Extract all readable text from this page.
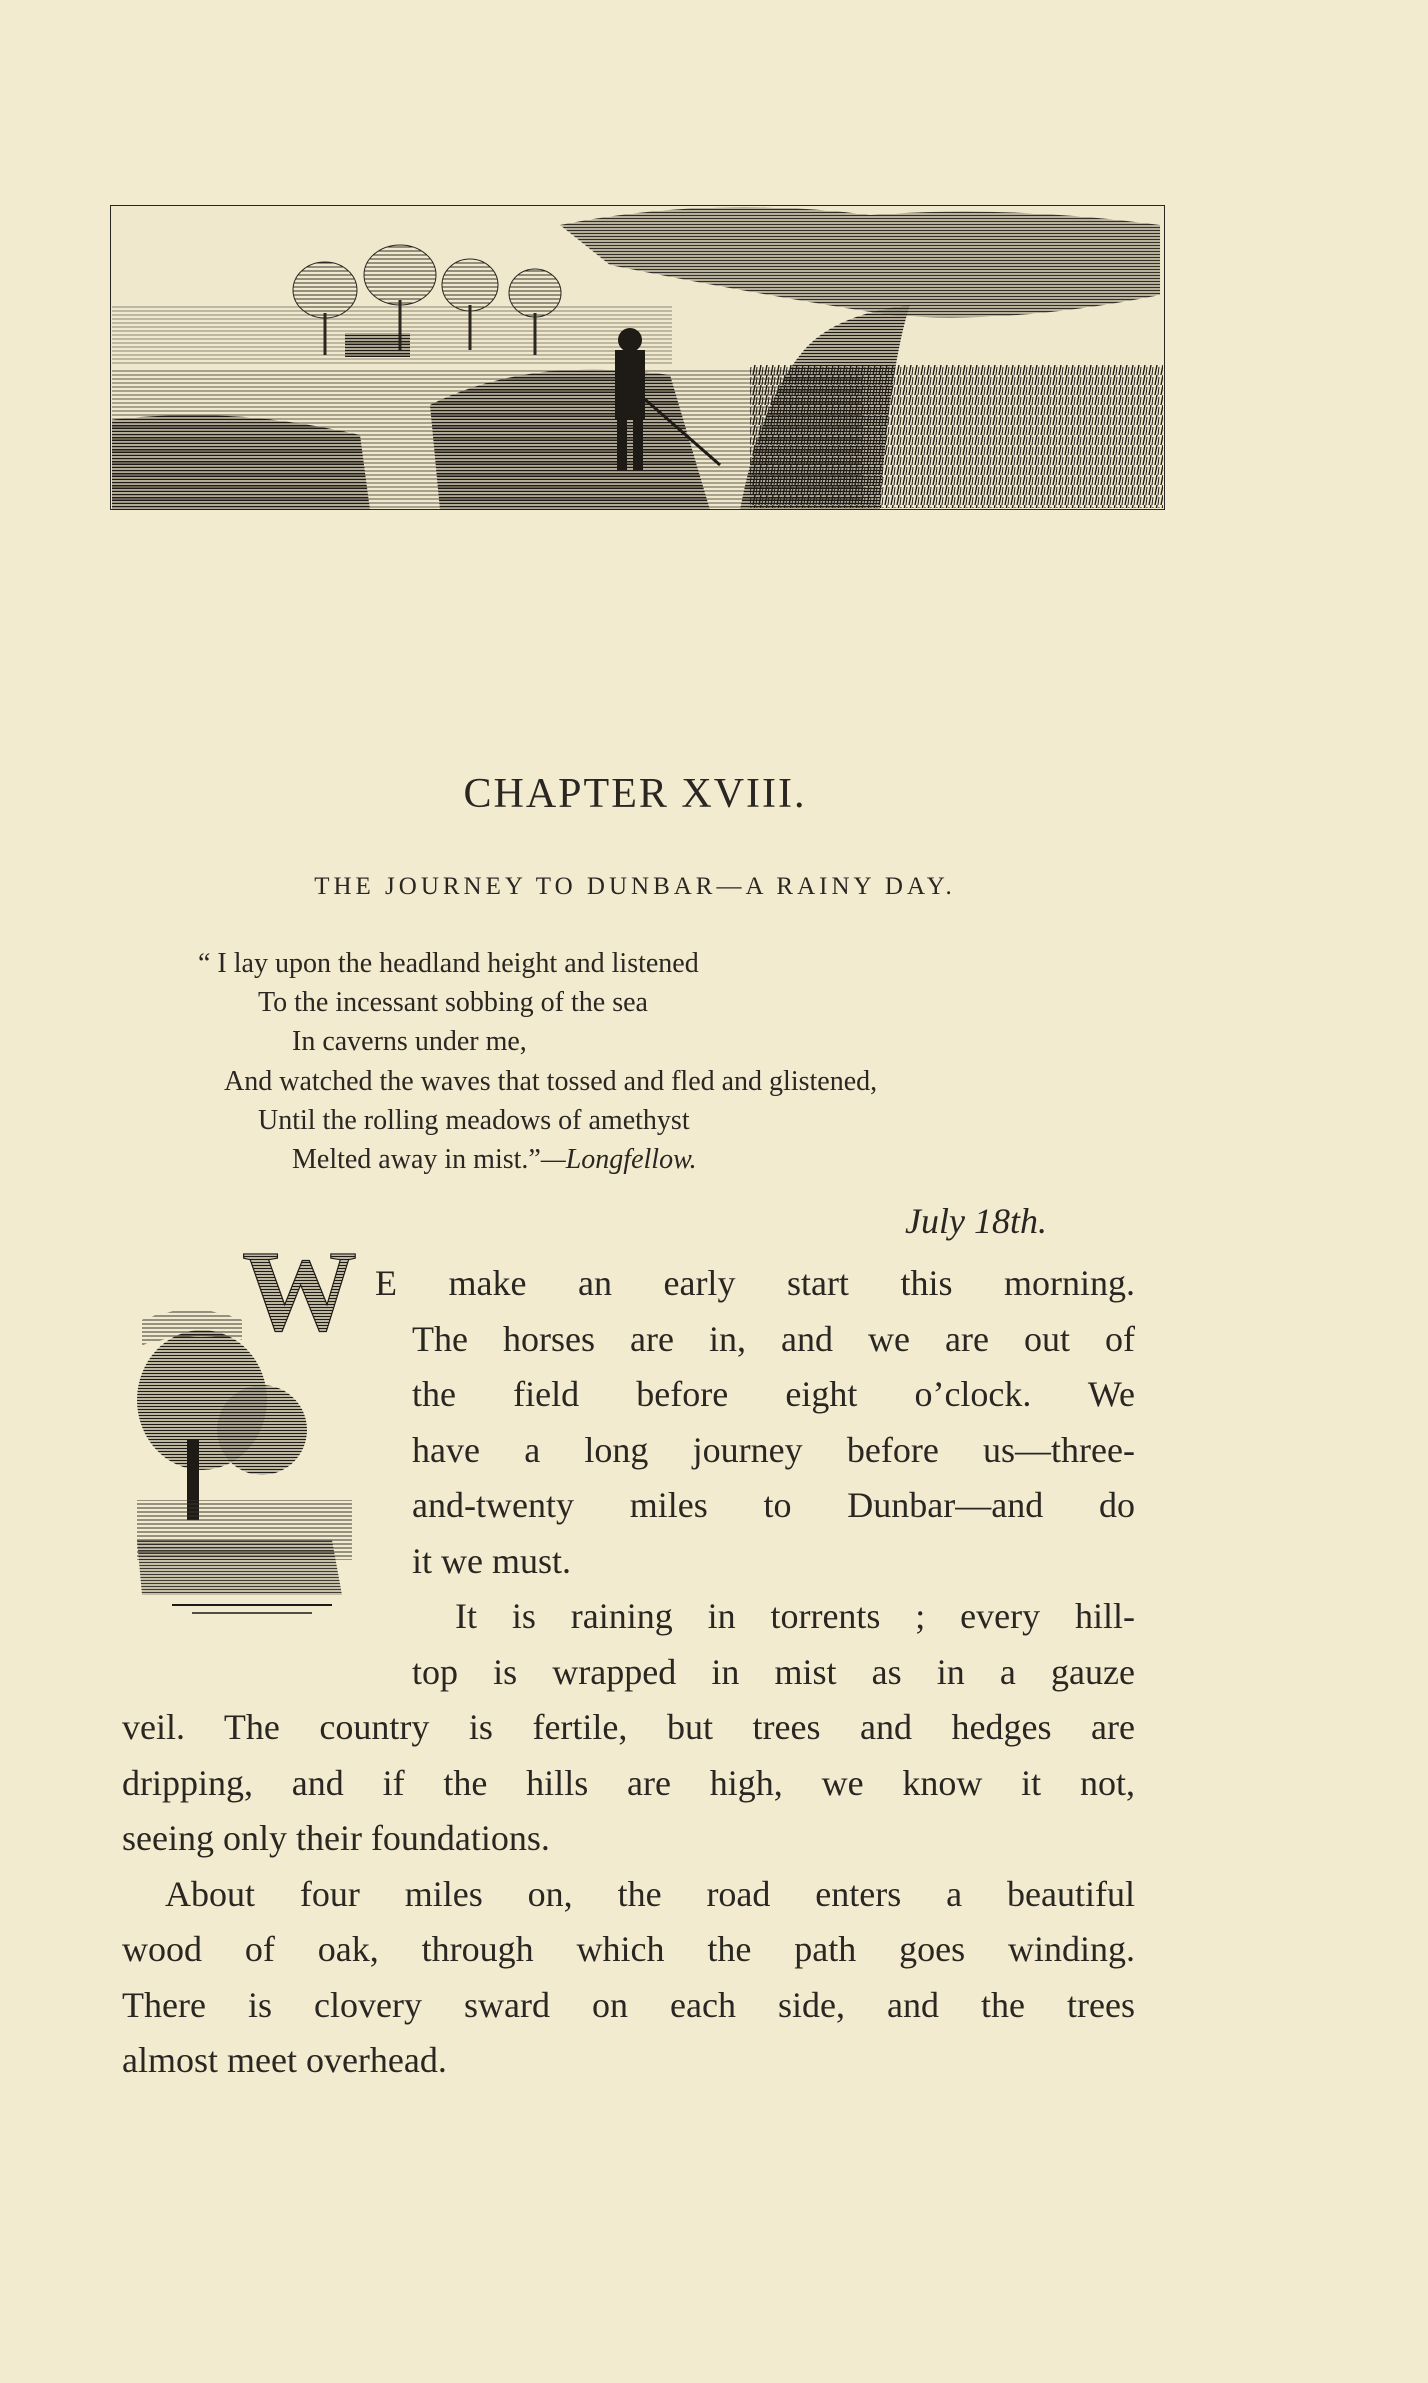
CHAPTER XVIII.
THE JOURNEY TO DUNBAR—A RAINY DAY.
“ I lay upon the headland height and listened
To the incessant sobbing of the sea
In caverns under me,
And watched the waves that tossed and fled and glistened,
Until the rolling meadows of amethyst
Melted away in mist.”—Longfellow.
July 18th.
W E make an early start this morning.
The horses are in, and we are out of
the field before eight o’clock. We
have a long journey before us—three-
and-twenty miles to Dunbar—and do
it we must.
It is raining in torrents ; every hill-
top is wrapped in mist as in a gauze
veil. The country is fertile, but trees and hedges are
dripping, and if the hills are high, we know it not,
seeing only their foundations.
About four miles on, the road enters a beautiful
wood of oak, through which the path goes winding.
There is clovery sward on each side, and the trees
almost meet overhead.
